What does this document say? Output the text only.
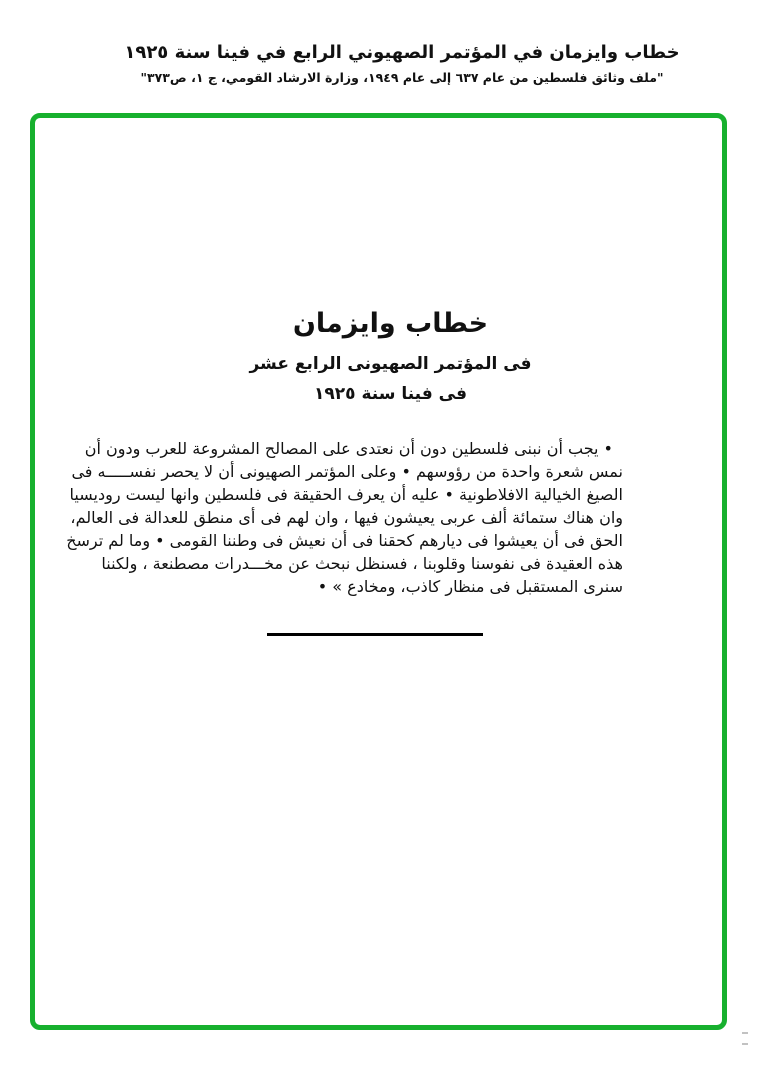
خطاب وايزمان في المؤتمر الصهيوني الرابع في فينا سنة ١٩٢٥
"ملف وثائق فلسطين من عام ٦٣٧ إلى عام ١٩٤٩، وزارة الارشاد القومي، ج ١، ص٣٧٣"
خطاب وايزمان
فى المؤتمر الصهيونى الرابع عشر
فى فينا سنة ١٩٢٥
• يجب أن نبنى فلسطين دون أن نعتدى على المصالح المشروعة للعرب ودون أن
نمس شعرة واحدة من رؤوسهم • وعلى المؤتمر الصهيونى أن لا يحصر نفســـــه فى
الصيغ الخيالية الافلاطونية • عليه أن يعرف الحقيقة فى فلسطين وانها ليست روديسيا
وان هناك ستمائة ألف عربى يعيشون فيها ، وان لهم فى أى منطق للعدالة فى العالم،
الحق فى أن يعيشوا فى ديارهم كحقنا فى أن نعيش فى وطننا القومى • وما لم ترسخ
هذه العقيدة فى نفوسنا وقلوبنا ، فسنظل نبحث عن مخـــدرات مصطنعة ، ولكننا
سنرى المستقبل فى منظار كاذب، ومخادع » •
